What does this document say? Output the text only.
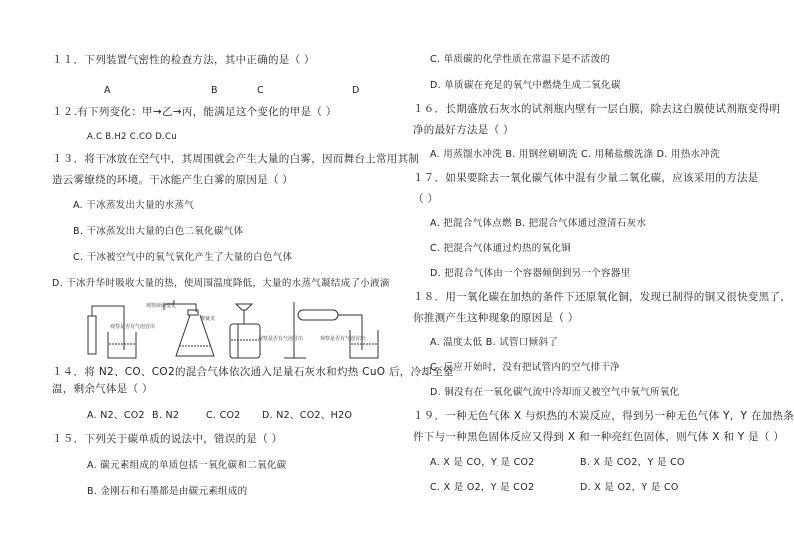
１１．下列装置气密性的检查方法，其中正确的是（ ）
A	B	C	D
１２.有下列变化：甲→乙→丙，能满足这个变化的甲是（ ）
A.C B.H2 C.CO D.Cu
１３．将干冰放在空气中，其周围就会产生大量的白雾，因而舞台上常用其制
造云雾缭绕的环境。干冰能产生白雾的原因是（ ）
A. 干冰蒸发出大量的水蒸气
B. 干冰蒸发出大量的白色二氧化碳气体
C. 干冰被空气中的氧气氧化产生了大量的白色气体
D. 干冰升华时吸收大量的热，使周围温度降低，大量的水蒸气凝结成了小液滴
观察是否有气泡冒出
观察液面变化
弹簧夹
观察是否有气泡冒出	观察是否有气泡冒出
１４．将 N2、CO、CO2的混合气体依次通入足量石灰水和灼热 CuO 后，冷却至室
温，剩余气体是（ ）
A. N2、CO2 B. N2	C. CO2 D. N2、CO2、H2O
１５．下列关于碳单质的说法中，错误的是（ ）
A. 碳元素组成的单质包括一氧化碳和二氧化碳
B. 金刚石和石墨都是由碳元素组成的
C. 单质碳的化学性质在常温下是不活泼的
D. 单质碳在充足的氧气中燃烧生成二氧化碳
１６．长期盛放石灰水的试剂瓶内壁有一层白膜，除去这白膜使试剂瓶变得明
净的最好方法是（ ）
A. 用蒸馏水冲洗 B. 用钢丝刷刷洗 C. 用稀盐酸洗涤 D. 用热水冲洗
１７．如果要除去一氧化碳气体中混有少量二氧化碳，应该采用的方法是
（ ）
A. 把混合气体点燃 B. 把混合气体通过澄清石灰水
C. 把混合气体通过灼热的氧化铜
D. 把混合气体由一个容器倾倒到另一个容器里
１８．用一氧化碳在加热的条件下还原氧化铜，发现已制得的铜又很快变黑了，
你推测产生这种现象的原因是（ ）
A. 温度太低 B. 试管口倾斜了
C. 反应开始时，没有把试管内的空气排干净
D. 铜没有在一氧化碳气流中冷却而又被空气中氧气所氧化
１９．一种无色气体 X 与炽热的木炭反应，得到另一种无色气体 Y，Y 在加热条
件下与一种黑色固体反应又得到 X 和一种亮红色固体，则气体 X 和 Y 是（ ）
A. X 是 CO，Y 是 CO2	B. X 是 CO2，Y 是 CO
C. X 是 O2，Y 是 CO2	D. X 是 O2，Y 是 CO
